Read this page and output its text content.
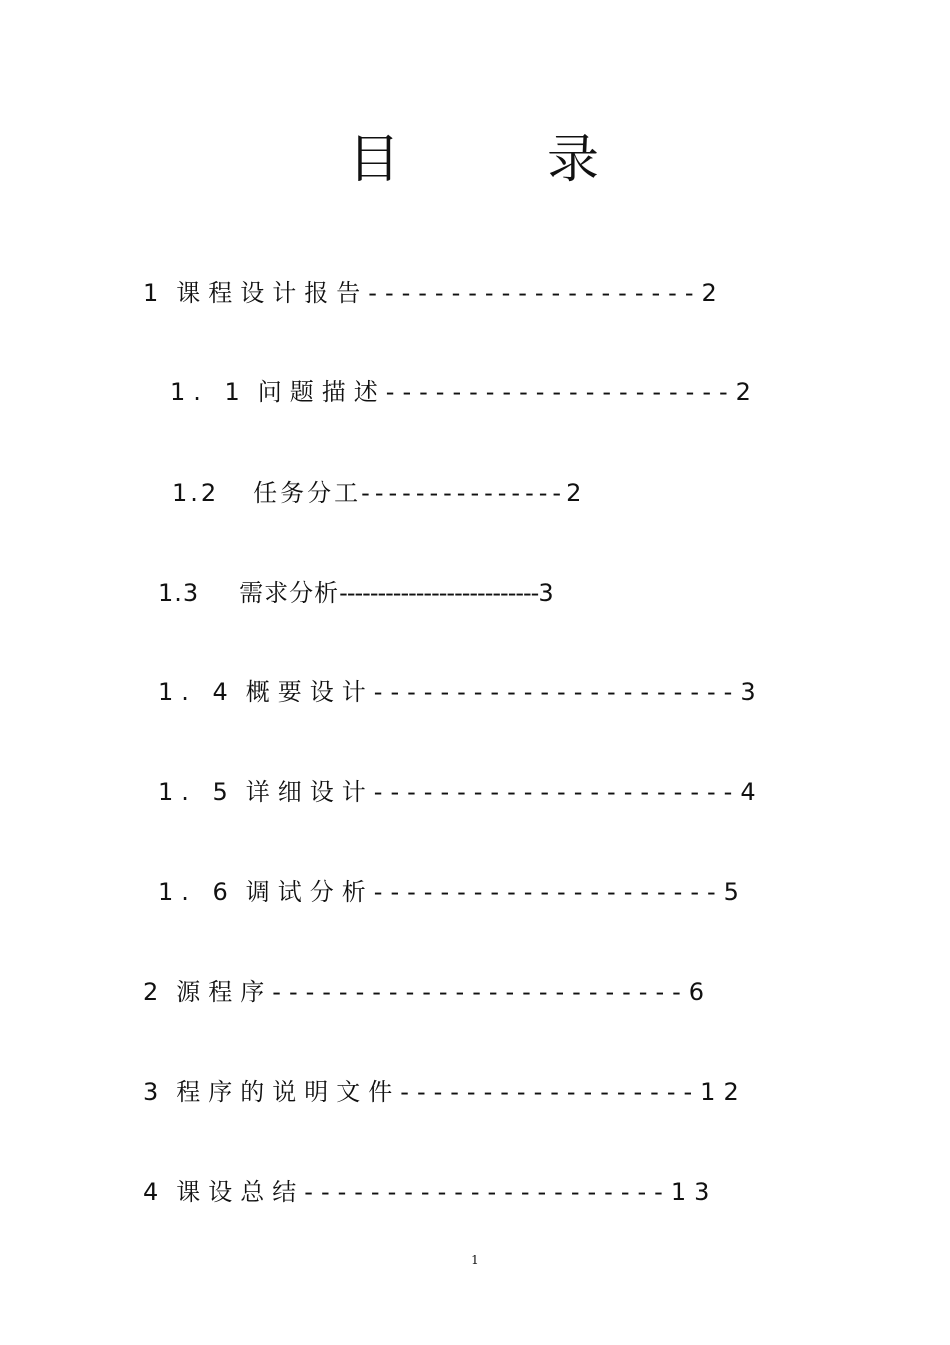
目	录
1 课程设计报告--------------------2
1. 1 问题描述---------------------2
1.2 任务分工---------------2
1.3 需求分析--------------------------3
1. 4 概要设计----------------------3
1. 5 详细设计----------------------4
1. 6 调试分析---------------------5
2 源程序-------------------------6
3 程序的说明文件------------------12
4 课设总结----------------------13
1
